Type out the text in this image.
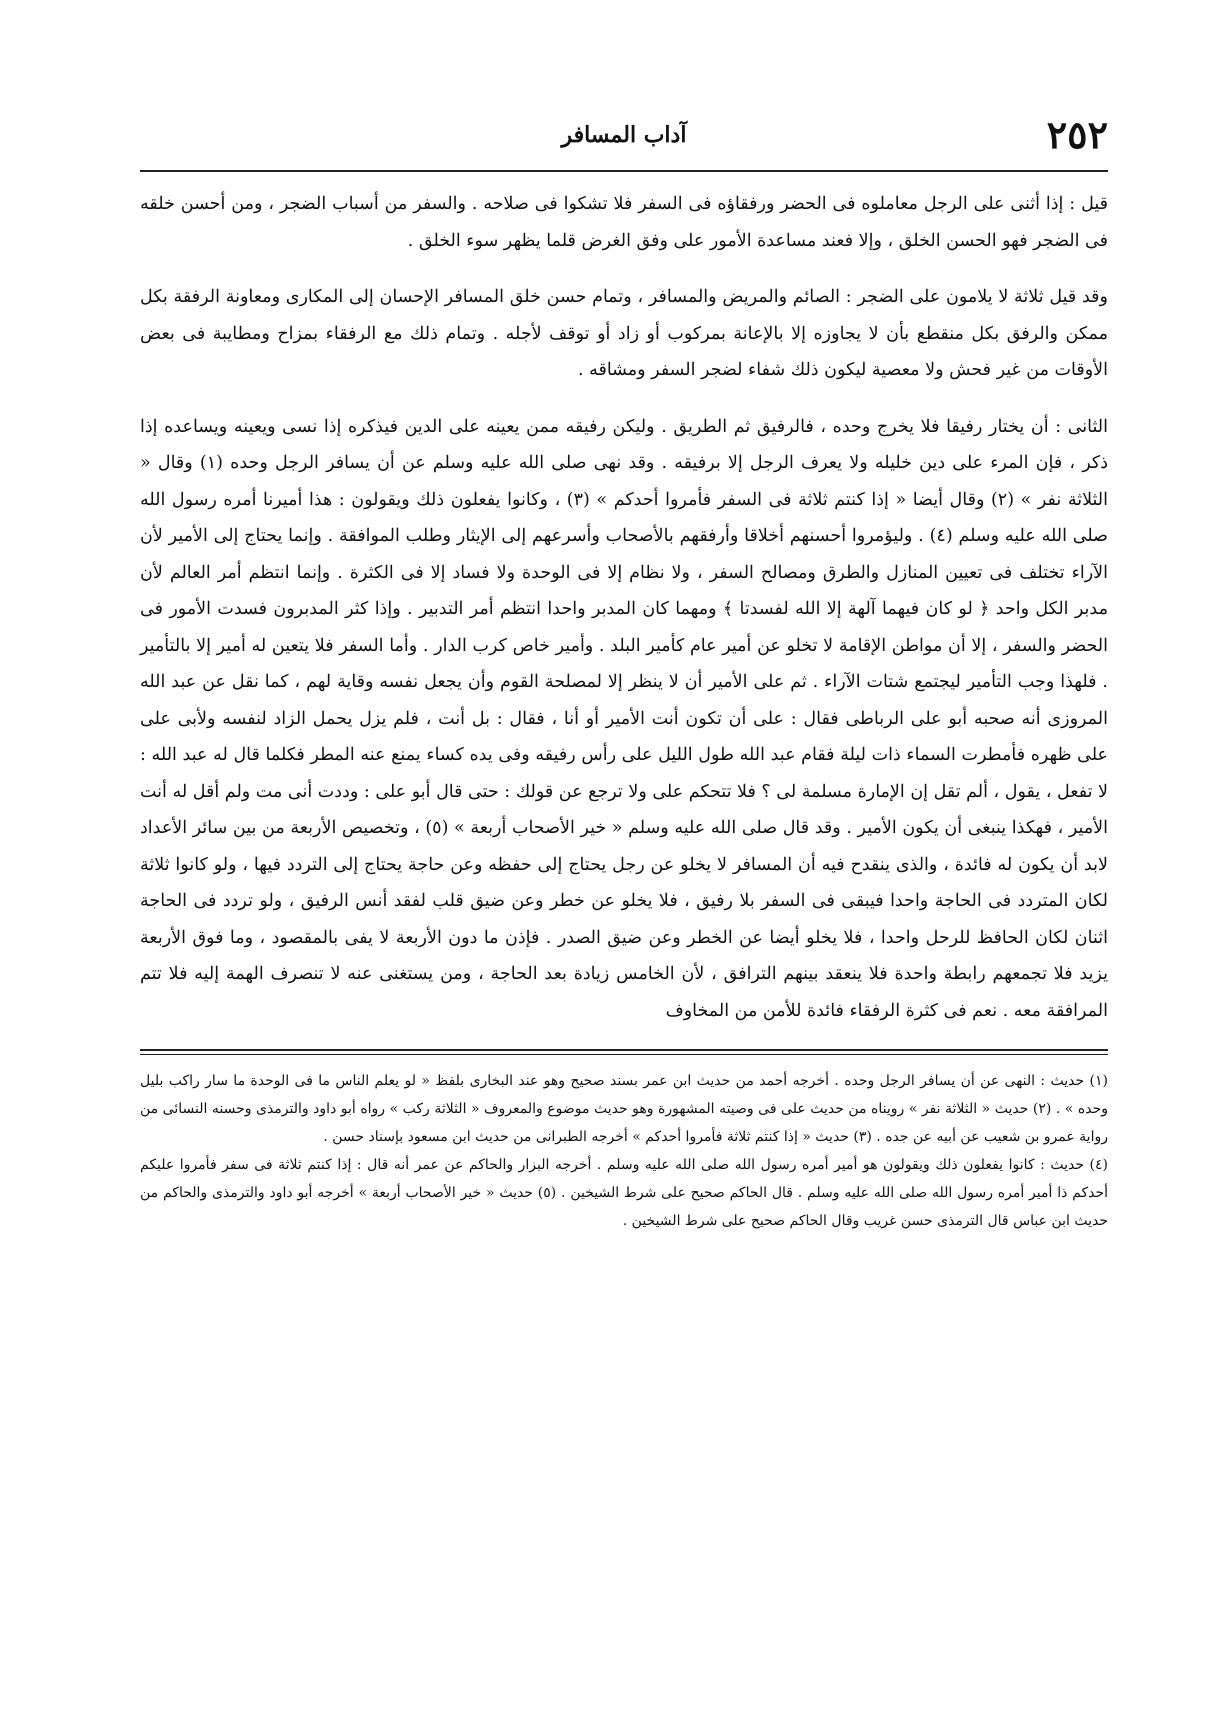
٢٥٢
آداب المسافر

قيل : إذا أثنى على الرجل معاملوه فى الحضر ورفقاؤه فى السفر فلا تشكوا فى صلاحه . والسفر من أسباب الضجر ، ومن أحسن خلقه فى الضجر فهو الحسن الخلق ، وإلا فعند مساعدة الأمور على وفق الغرض قلما يظهر سوء الخلق .

وقد قيل ثلاثة لا يلامون على الضجر : الصائم والمريض والمسافر ، وتمام حسن خلق المسافر الإحسان إلى المكارى ومعاونة الرفقة بكل ممكن والرفق بكل منقطع بأن لا يجاوزه إلا بالإعانة بمركوب أو زاد أو توقف لأجله . وتمام ذلك مع الرفقاء بمزاح ومطايبة فى بعض الأوقات من غير فحش ولا معصية ليكون ذلك شفاء لضجر السفر ومشاقه .

الثانى : أن يختار رفيقا فلا يخرج وحده ، فالرفيق ثم الطريق . وليكن رفيقه ممن يعينه على الدين فيذكره إذا نسى ويعينه ويساعده إذا ذكر ، فإن المرء على دين خليله ولا يعرف الرجل إلا برفيقه . وقد نهى صلى الله عليه وسلم عن أن يسافر الرجل وحده (١) وقال « الثلاثة نفر » (٢) وقال أيضا « إذا كنتم ثلاثة فى السفر فأمروا أحدكم » (٣) ، وكانوا يفعلون ذلك ويقولون : هذا أميرنا أمره رسول الله صلى الله عليه وسلم (٤) . وليؤمروا أحسنهم أخلاقا وأرفقهم بالأصحاب وأسرعهم إلى الإيثار وطلب الموافقة . وإنما يحتاج إلى الأمير لأن الآراء تختلف فى تعيين المنازل والطرق ومصالح السفر ، ولا نظام إلا فى الوحدة ولا فساد إلا فى الكثرة . وإنما انتظم أمر العالم لأن مدبر الكل واحد ﴿ لو كان فيهما آلهة إلا الله لفسدتا ﴾ ومهما كان المدبر واحدا انتظم أمر التدبير . وإذا كثر المدبرون فسدت الأمور فى الحضر والسفر ، إلا أن مواطن الإقامة لا تخلو عن أمير عام كأمير البلد . وأمير خاص كرب الدار . وأما السفر فلا يتعين له أمير إلا بالتأمير . فلهذا وجب التأمير ليجتمع شتات الآراء . ثم على الأمير أن لا ينظر إلا لمصلحة القوم وأن يجعل نفسه وقاية لهم ، كما نقل عن عبد الله المروزى أنه صحبه أبو على الرباطى فقال : على أن تكون أنت الأمير أو أنا ، فقال : بل أنت ، فلم يزل يحمل الزاد لنفسه ولأبى على على ظهره فأمطرت السماء ذات ليلة فقام عبد الله طول الليل على رأس رفيقه وفى يده كساء يمنع عنه المطر فكلما قال له عبد الله : لا تفعل ، يقول ، ألم تقل إن الإمارة مسلمة لى ؟ فلا تتحكم على ولا ترجع عن قولك : حتى قال أبو على : وددت أنى مت ولم أقل له أنت الأمير ، فهكذا ينبغى أن يكون الأمير . وقد قال صلى الله عليه وسلم « خير الأصحاب أربعة » (٥) ، وتخصيص الأربعة من بين سائر الأعداد لابد أن يكون له فائدة ، والذى ينقدح فيه أن المسافر لا يخلو عن رجل يحتاج إلى حفظه وعن حاجة يحتاج إلى التردد فيها ، ولو كانوا ثلاثة لكان المتردد فى الحاجة واحدا فيبقى فى السفر بلا رفيق ، فلا يخلو عن خطر وعن ضيق قلب لفقد أنس الرفيق ، ولو تردد فى الحاجة اثنان لكان الحافظ للرحل واحدا ، فلا يخلو أيضا عن الخطر وعن ضيق الصدر . فإذن ما دون الأربعة لا يفى بالمقصود ، وما فوق الأربعة يزيد فلا تجمعهم رابطة واحدة فلا ينعقد بينهم الترافق ، لأن الخامس زيادة بعد الحاجة ، ومن يستغنى عنه لا تنصرف الهمة إليه فلا تتم المرافقة معه . نعم فى كثرة الرفقاء فائدة للأمن من المخاوف

(١) حديث : النهى عن أن يسافر الرجل وحده . أخرجه أحمد من حديث ابن عمر بسند صحيح وهو عند البخارى بلفظ « لو يعلم الناس ما فى الوحدة ما سار راكب بليل وحده » . (٢) حديث « الثلاثة نفر » رويناه من حديث على فى وصيته المشهورة وهو حديث موضوع والمعروف « الثلاثة ركب » رواه أبو داود والترمذى وحسنه النسائى من رواية عمرو بن شعيب عن أبيه عن جده . (٣) حديث « إذا كنتم ثلاثة فأمروا أحدكم » أخرجه الطبرانى من حديث ابن مسعود بإسناد حسن .

(٤) حديث : كانوا يفعلون ذلك ويقولون هو أمير أمره رسول الله صلى الله عليه وسلم . أخرجه البزار والحاكم عن عمر أنه قال : إذا كنتم ثلاثة فى سفر فأمروا عليكم أحدكم ذا أمير أمره رسول الله صلى الله عليه وسلم . قال الحاكم صحيح على شرط الشيخين . (٥) حديث « خير الأصحاب أربعة » أخرجه أبو داود والترمذى والحاكم من حديث ابن عباس قال الترمذى حسن غريب وقال الحاكم صحيح على شرط الشيخين .
